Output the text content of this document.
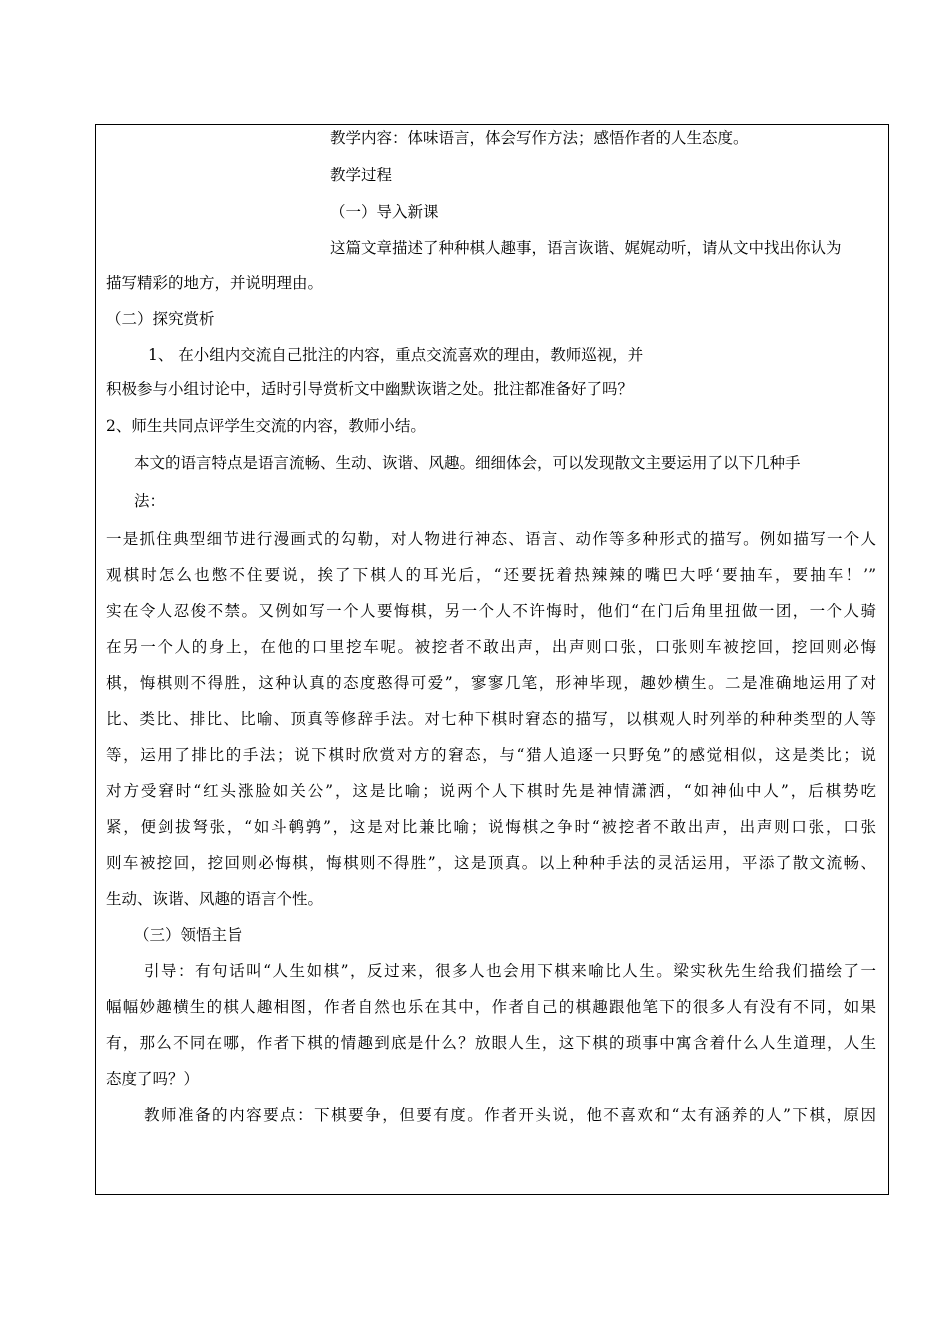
教学内容：体味语言，体会写作方法；感悟作者的人生态度。
教学过程
（一）导入新课
这篇文章描述了种种棋人趣事，语言诙谐、娓娓动听，请从文中找出你认为
描写精彩的地方，并说明理由。
（二）探究赏析
1、 在小组内交流自己批注的内容，重点交流喜欢的理由，教师巡视，并
积极参与小组讨论中，适时引导赏析文中幽默诙谐之处。批注都准备好了吗？
2、师生共同点评学生交流的内容，教师小结。
本文的语言特点是语言流畅、生动、诙谐、风趣。细细体会，可以发现散文主要运用了以下几种手
法：
一是抓住典型细节进行漫画式的勾勒，对人物进行神态、语言、动作等多种形式的描写。例如描写一个人
观棋时怎么也憋不住要说，挨了下棋人的耳光后，“还要抚着热辣辣的嘴巴大呼‘要抽车，要抽车！’”
实在令人忍俊不禁。又例如写一个人要悔棋，另一个人不许悔时，他们“在门后角里扭做一团，一个人骑
在另一个人的身上，在他的口里挖车呢。被挖者不敢出声，出声则口张，口张则车被挖回，挖回则必悔
棋，悔棋则不得胜，这种认真的态度憨得可爱”，寥寥几笔，形神毕现，趣妙横生。二是准确地运用了对
比、类比、排比、比喻、顶真等修辞手法。对七种下棋时窘态的描写，以棋观人时列举的种种类型的人等
等，运用了排比的手法；说下棋时欣赏对方的窘态，与“猎人追逐一只野兔”的感觉相似，这是类比；说
对方受窘时“红头涨脸如关公”，这是比喻；说两个人下棋时先是神情潇洒，“如神仙中人”，后棋势吃
紧，便剑拔弩张，“如斗鹌鹑”，这是对比兼比喻；说悔棋之争时“被挖者不敢出声，出声则口张，口张
则车被挖回，挖回则必悔棋，悔棋则不得胜”，这是顶真。以上种种手法的灵活运用，平添了散文流畅、
生动、诙谐、风趣的语言个性。
（三）领悟主旨
引导：有句话叫“人生如棋”，反过来，很多人也会用下棋来喻比人生。梁实秋先生给我们描绘了一
幅幅妙趣横生的棋人趣相图，作者自然也乐在其中，作者自己的棋趣跟他笔下的很多人有没有不同，如果
有，那么不同在哪，作者下棋的情趣到底是什么？放眼人生，这下棋的琐事中寓含着什么人生道理，人生
态度了吗？）
教师准备的内容要点：下棋要争，但要有度。作者开头说，他不喜欢和“太有涵养的人”下棋，原因
